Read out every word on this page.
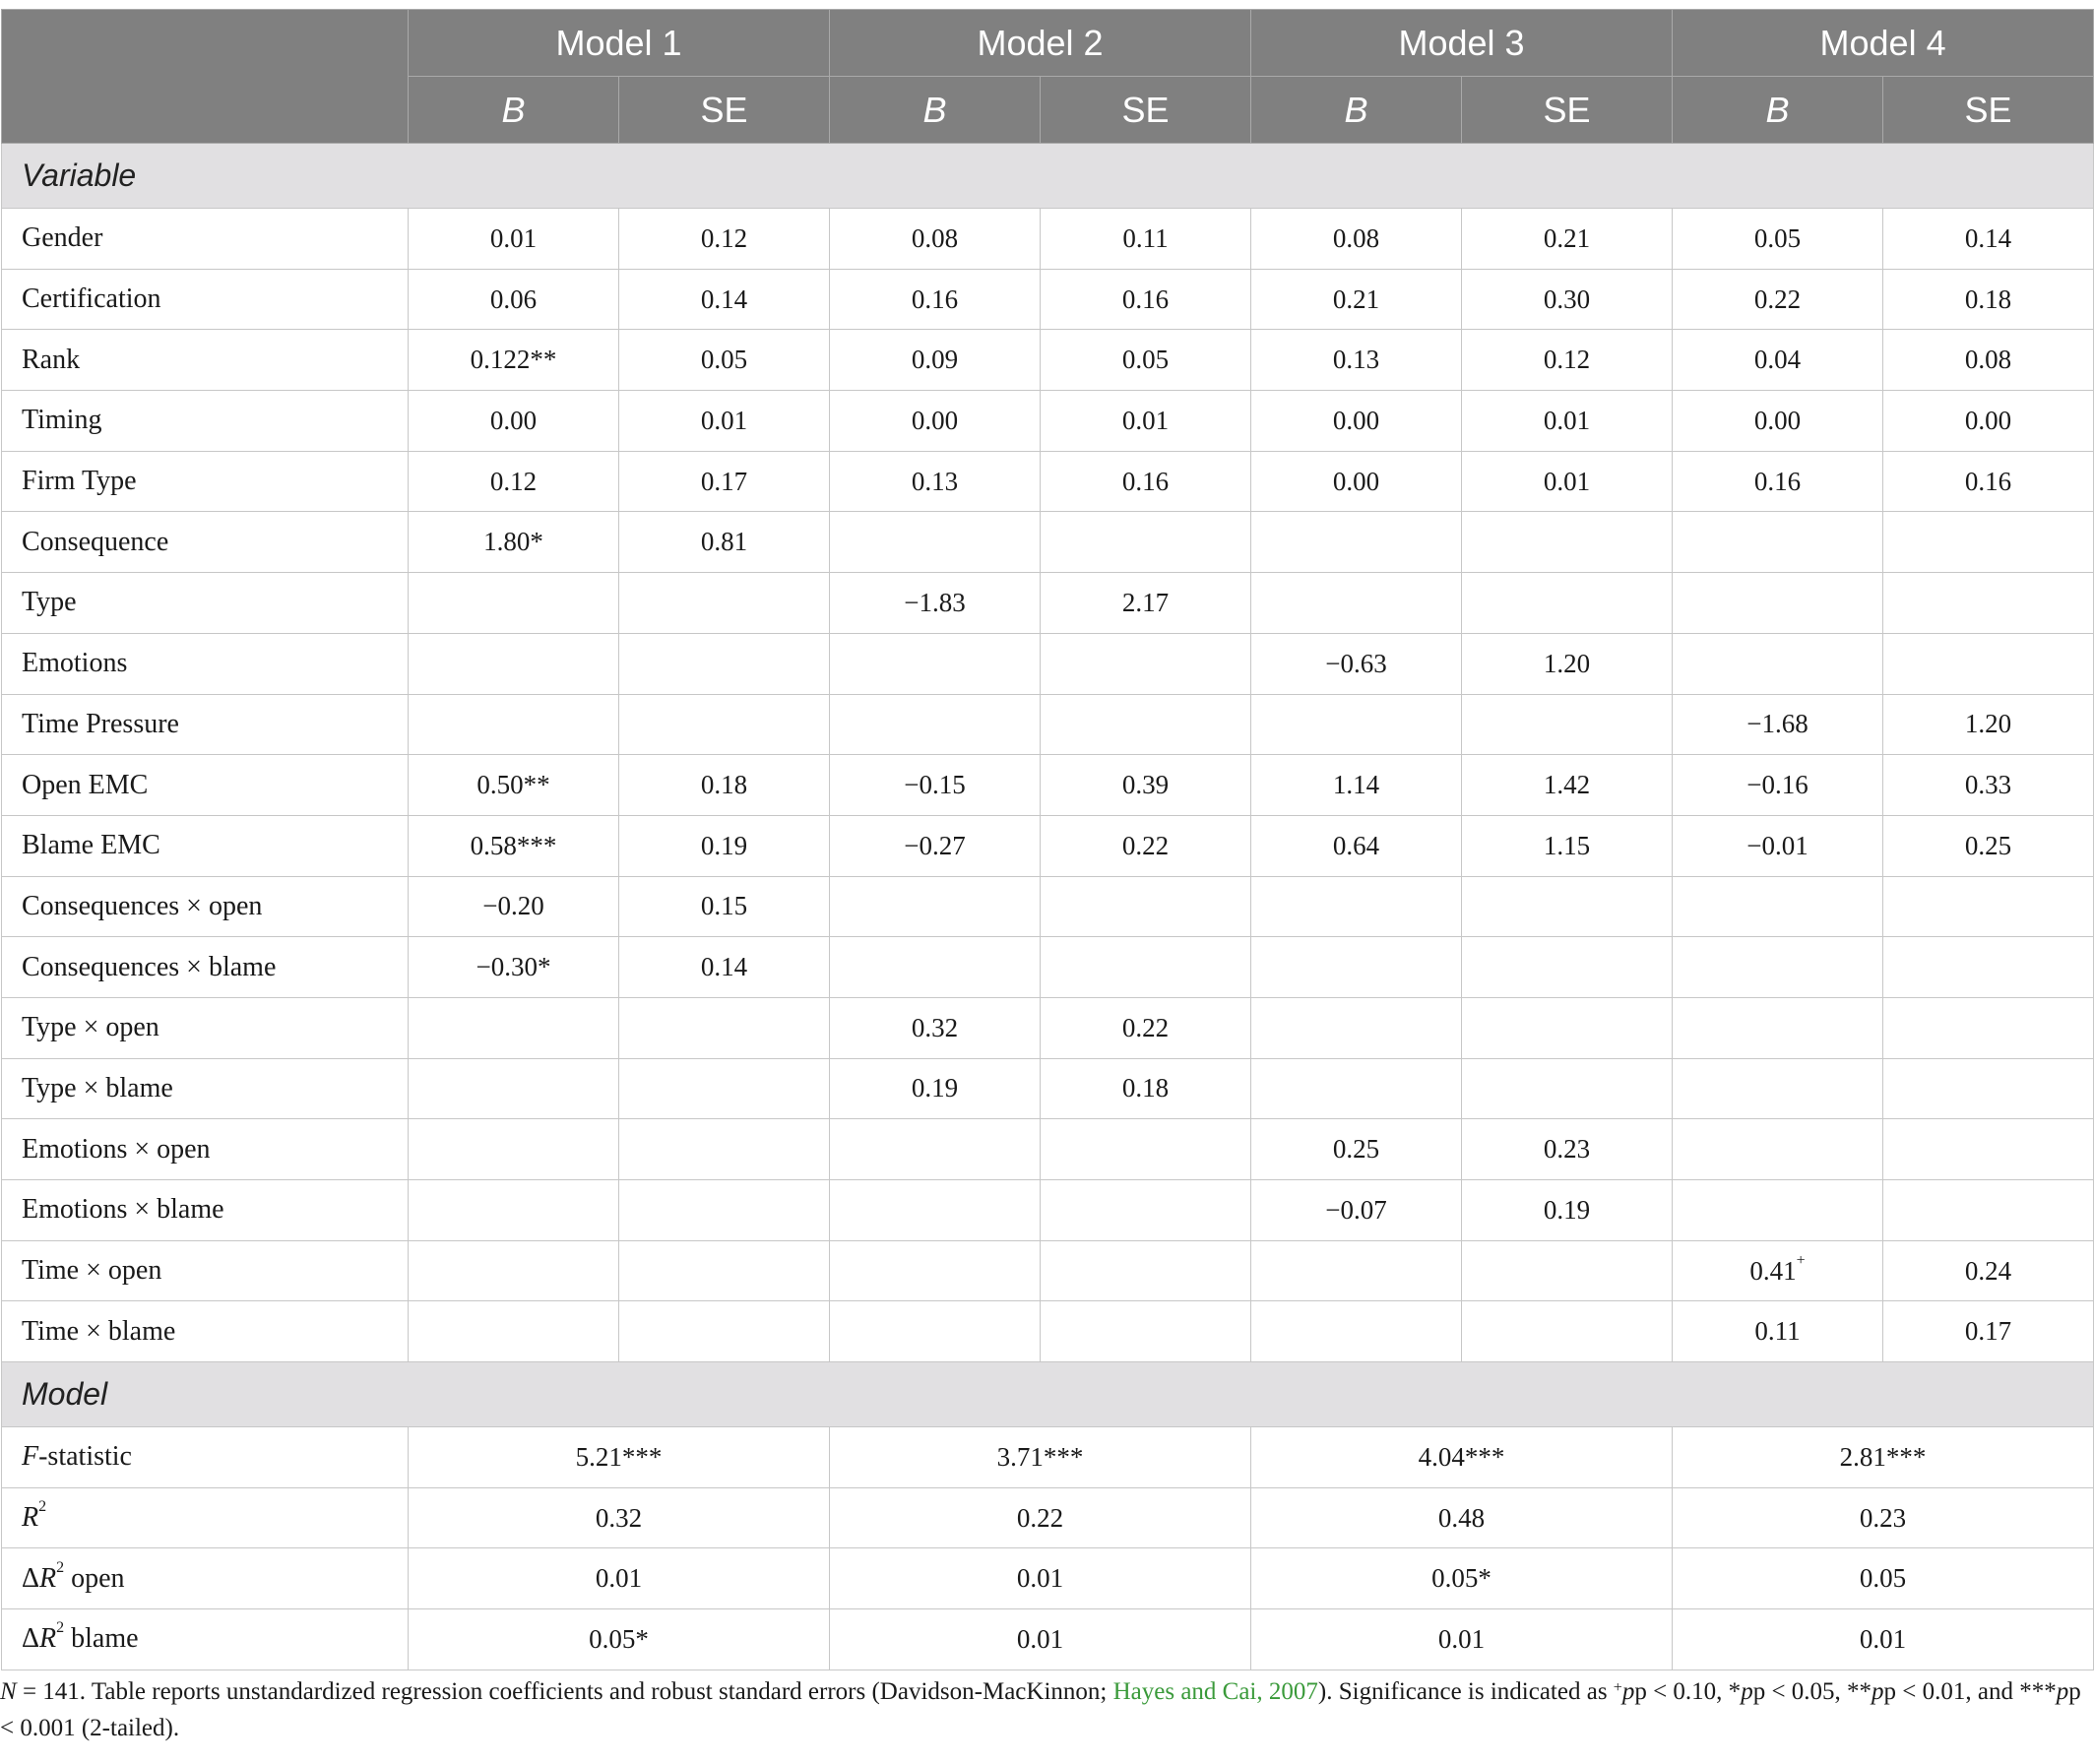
	Model 1		Model 2		Model 3		Model 4	
	B	SE	B	SE	B	SE	B	SE
Variable								
Gender	0.01	0.12	0.08	0.11	0.08	0.21	0.05	0.14
Certification	0.06	0.14	0.16	0.16	0.21	0.30	0.22	0.18
Rank	0.122**	0.05	0.09	0.05	0.13	0.12	0.04	0.08
Timing	0.00	0.01	0.00	0.01	0.00	0.01	0.00	0.00
Firm Type	0.12	0.17	0.13	0.16	0.00	0.01	0.16	0.16
Consequence	1.80*	0.81						
Type			−1.83	2.17				
Emotions					−0.63	1.20		
Time Pressure							−1.68	1.20
Open EMC	0.50**	0.18	−0.15	0.39	1.14	1.42	−0.16	0.33
Blame EMC	0.58***	0.19	−0.27	0.22	0.64	1.15	−0.01	0.25
Consequences × open	−0.20	0.15						
Consequences × blame	−0.30*	0.14						
Type × open			0.32	0.22				
Type × blame			0.19	0.18				
Emotions × open					0.25	0.23		
Emotions × blame					−0.07	0.19		
Time × open							0.41+	0.24
Time × blame							0.11	0.17
Model								
F-statistic	5.21***		3.71***		4.04***		2.81***	
$R^2$	0.32		0.22		0.48		0.23	
$\Delta R^2$ open	0.01		0.01		0.05*		0.05	
$\Delta R^2$ blame	0.05*		0.01		0.01		0.01	
N = 141. Table reports unstandardized regression coefficients and robust standard errors (Davidson-MacKinnon; Hayes and Cai, 2007). Significance is indicated as +pp < 0.10, *pp < 0.05, **pp < 0.01, and ***pp < 0.001 (2-tailed).
